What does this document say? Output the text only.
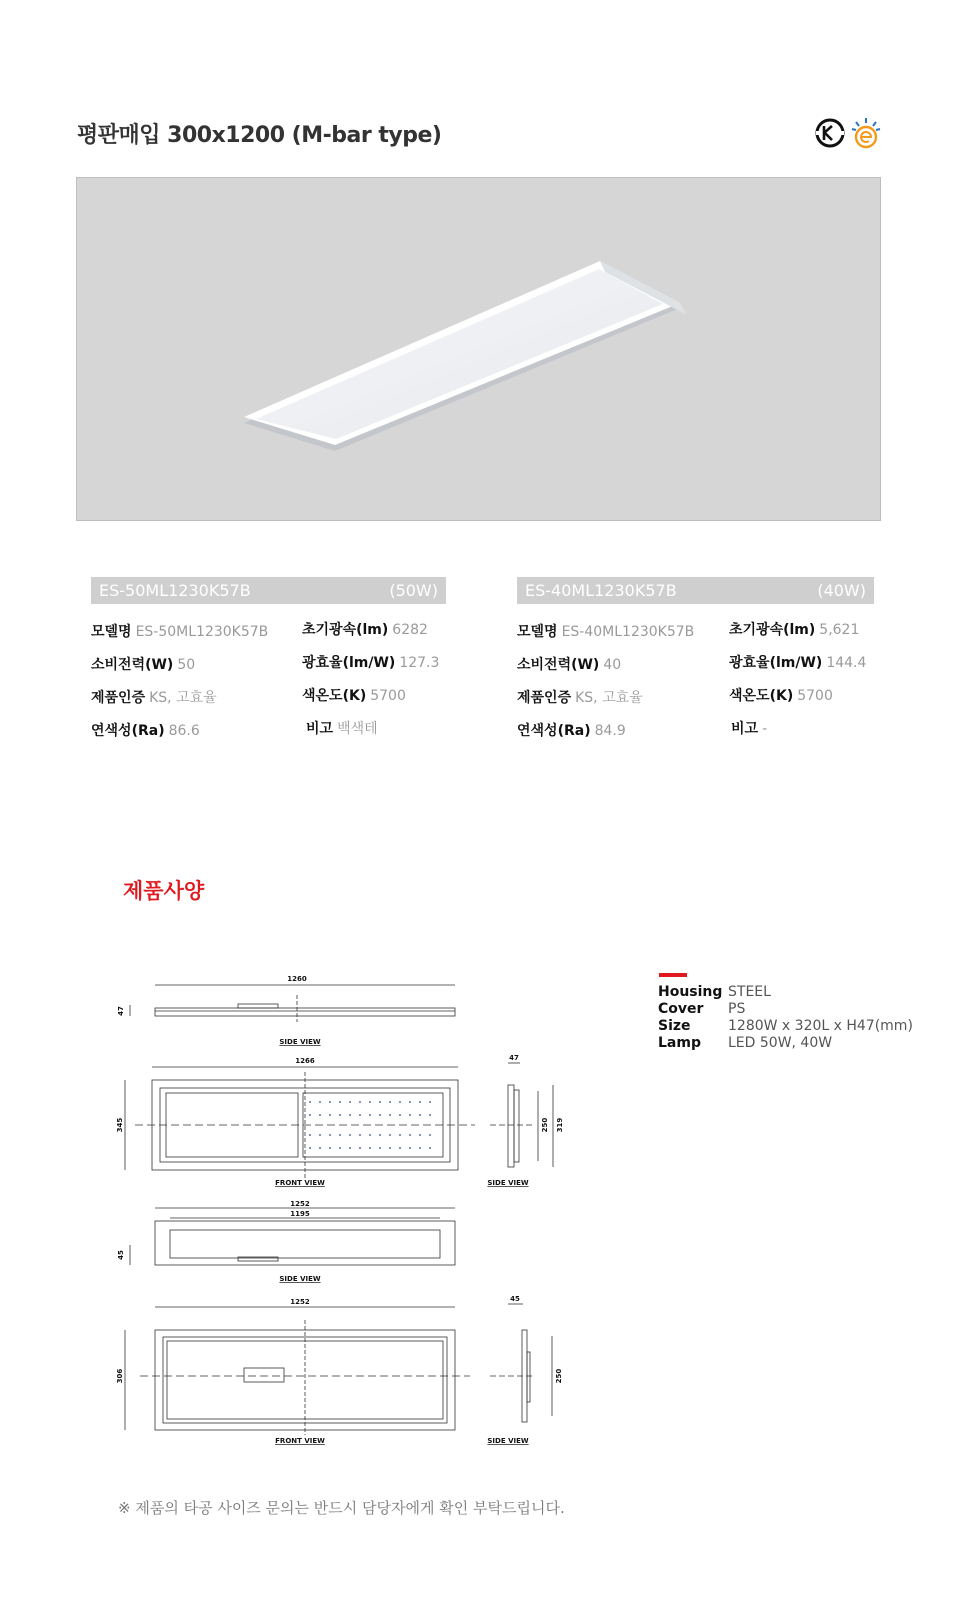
평판매입 300x1200 (M-bar type)
ES-50ML1230K57B	(50W)
모델명 ES-50ML1230K57B 초기광속(lm) 6282
소비전력(W) 50	광효율(lm/W) 127.3
제품인증 KS, 고효율	색온도(K) 5700
연색성(Ra) 86.6	비고 백색테
ES-40ML1230K57B	(40W)
모델명 ES-40ML1230K57B 초기광속(lm) 5,621
소비전력(W) 40	광효율(lm/W) 144.4
제품인증 KS, 고효율	색온도(K) 5700
연색성(Ra) 84.9	비고 -
제품사양
1260
47
SIDE VIEW
1266
345
FRONT VIEW
47
250 319
SIDE VIEW
1252
1195
45
SIDE VIEW
1252
306
FRONT VIEW
45
250
SIDE VIEW
Housing STEEL
Cover PS
Size	1280W x 320L x H47(mm)
Lamp LED 50W, 40W
※ 제품의 타공 사이즈 문의는 반드시 담당자에게 확인 부탁드립니다.
